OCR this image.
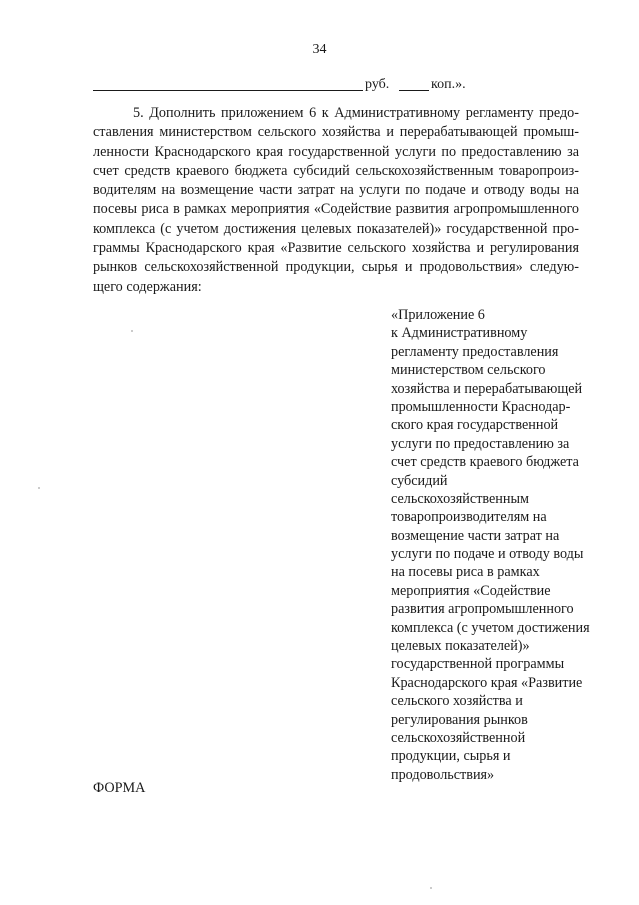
34
руб.	коп.».

5. Дополнить приложением 6 к Административному регламенту предо-
ставления министерством сельского хозяйства и перерабатывающей промыш-
ленности Краснодарского края государственной услуги по предоставлению за
счет средств краевого бюджета субсидий сельскохозяйственным товаропроиз-
водителям на возмещение части затрат на услуги по подаче и отводу воды на
посевы риса в рамках мероприятия «Содействие развития агропромышленного
комплекса (с учетом достижения целевых показателей)» государственной про-
граммы Краснодарского края «Развитие сельского хозяйства и регулирования
рынков сельскохозяйственной продукции, сырья и продовольствия» следую-
щего содержания:

«Приложение 6
к Административному
регламенту предоставления
министерством сельского
хозяйства и перерабатывающей
промышленности Краснодар-
ского края государственной
услуги по предоставлению за
счет средств краевого бюджета
субсидий
сельскохозяйственным
товаропроизводителям на
возмещение части затрат на
услуги по подаче и отводу воды
на посевы риса в рамках
мероприятия «Содействие
развития агропромышленного
комплекса (с учетом достижения
целевых показателей)»
государственной программы
Краснодарского края «Развитие
сельского хозяйства и
регулирования рынков
сельскохозяйственной
продукции, сырья и
продовольствия»
ФОРМА
